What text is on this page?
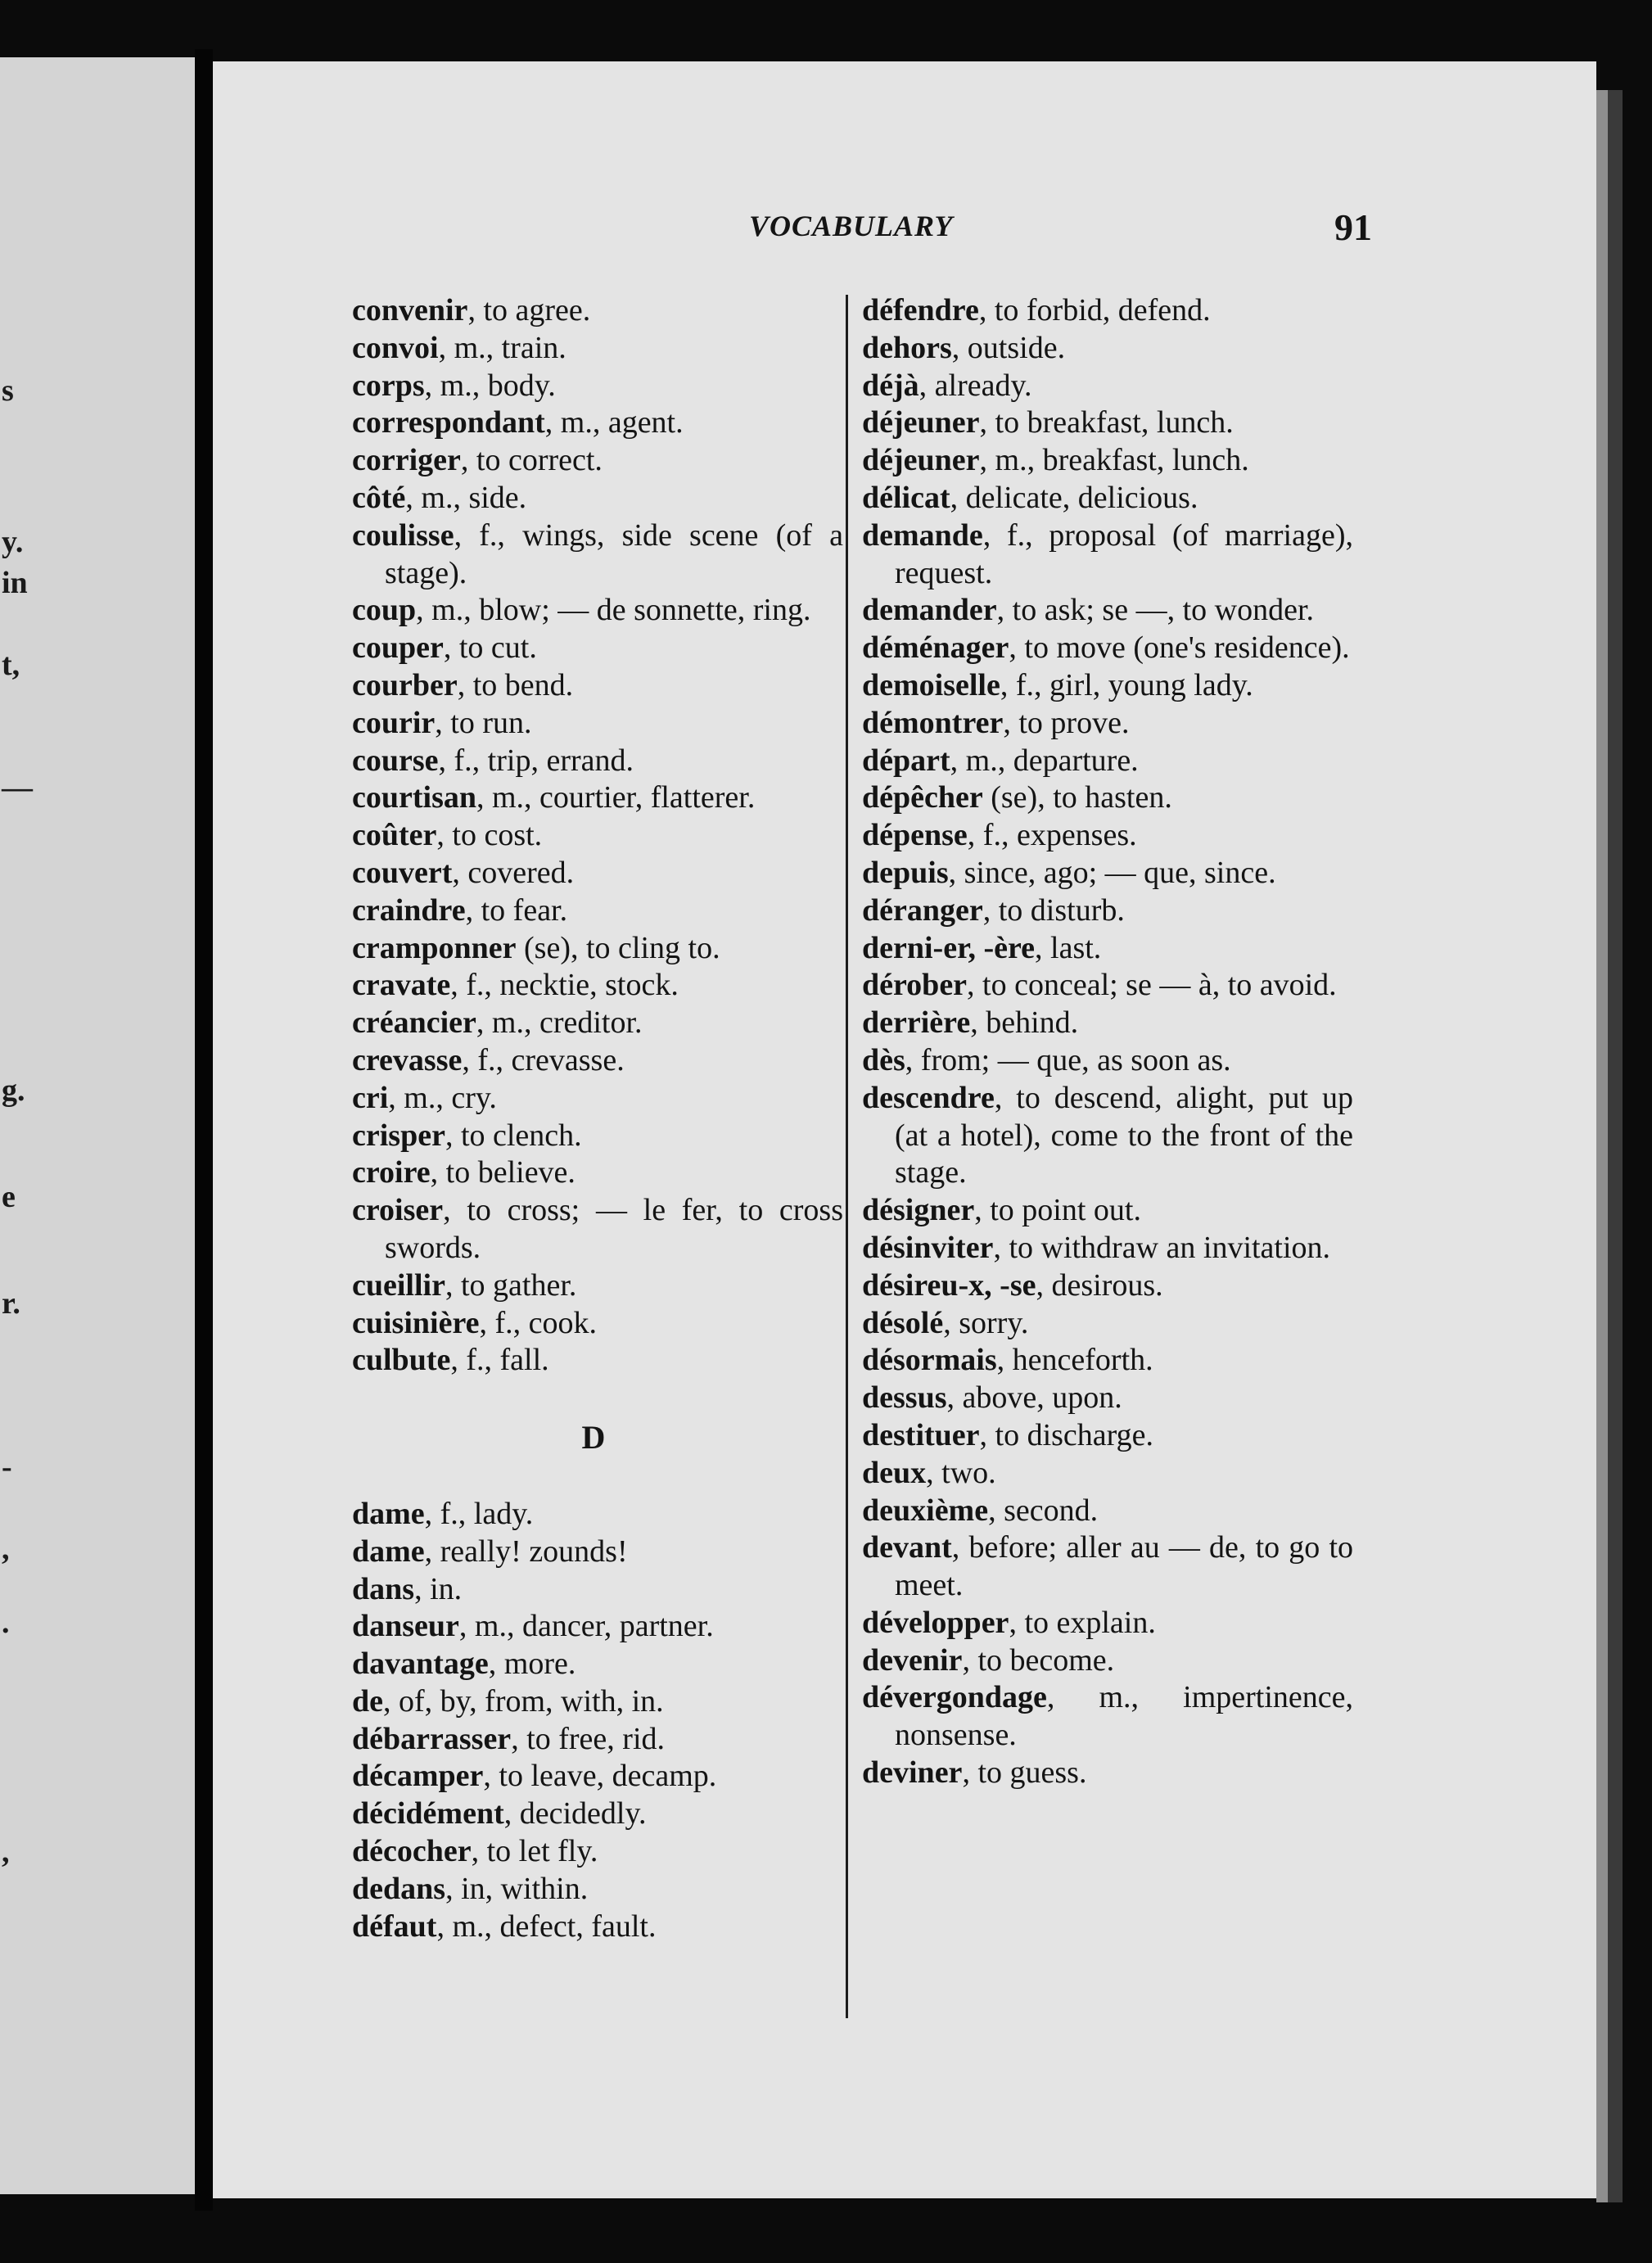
s
y.
in
t,
—
g.
e
r.
-
,
.
,
VOCABULARY	91
convenir, to agree.
convoi, m., train.
corps, m., body.
correspondant, m., agent.
corriger, to correct.
côté, m., side.
coulisse, f., wings, side scene (of a stage).
coup, m., blow; — de sonnette, ring.
couper, to cut.
courber, to bend.
courir, to run.
course, f., trip, errand.
courtisan, m., courtier, flatterer.
coûter, to cost.
couvert, covered.
craindre, to fear.
cramponner (se), to cling to.
cravate, f., necktie, stock.
créancier, m., creditor.
crevasse, f., crevasse.
cri, m., cry.
crisper, to clench.
croire, to believe.
croiser, to cross; — le fer, to cross swords.
cueillir, to gather.
cuisinière, f., cook.
culbute, f., fall.
D
dame, f., lady.
dame, really! zounds!
dans, in.
danseur, m., dancer, partner.
davantage, more.
de, of, by, from, with, in.
débarrasser, to free, rid.
décamper, to leave, decamp.
décidément, decidedly.
décocher, to let fly.
dedans, in, within.
défaut, m., defect, fault.
défendre, to forbid, defend.
dehors, outside.
déjà, already.
déjeuner, to breakfast, lunch.
déjeuner, m., breakfast, lunch.
délicat, delicate, delicious.
demande, f., proposal (of marriage), request.
demander, to ask; se —, to wonder.
déménager, to move (one's residence).
demoiselle, f., girl, young lady.
démontrer, to prove.
départ, m., departure.
dépêcher (se), to hasten.
dépense, f., expenses.
depuis, since, ago; — que, since.
déranger, to disturb.
derni-er, -ère, last.
dérober, to conceal; se — à, to avoid.
derrière, behind.
dès, from; — que, as soon as.
descendre, to descend, alight, put up (at a hotel), come to the front of the stage.
désigner, to point out.
désinviter, to withdraw an invitation.
désireu-x, -se, desirous.
désolé, sorry.
désormais, henceforth.
dessus, above, upon.
destituer, to discharge.
deux, two.
deuxième, second.
devant, before; aller au — de, to go to meet.
développer, to explain.
devenir, to become.
dévergondage, m., impertinence, nonsense.
deviner, to guess.
